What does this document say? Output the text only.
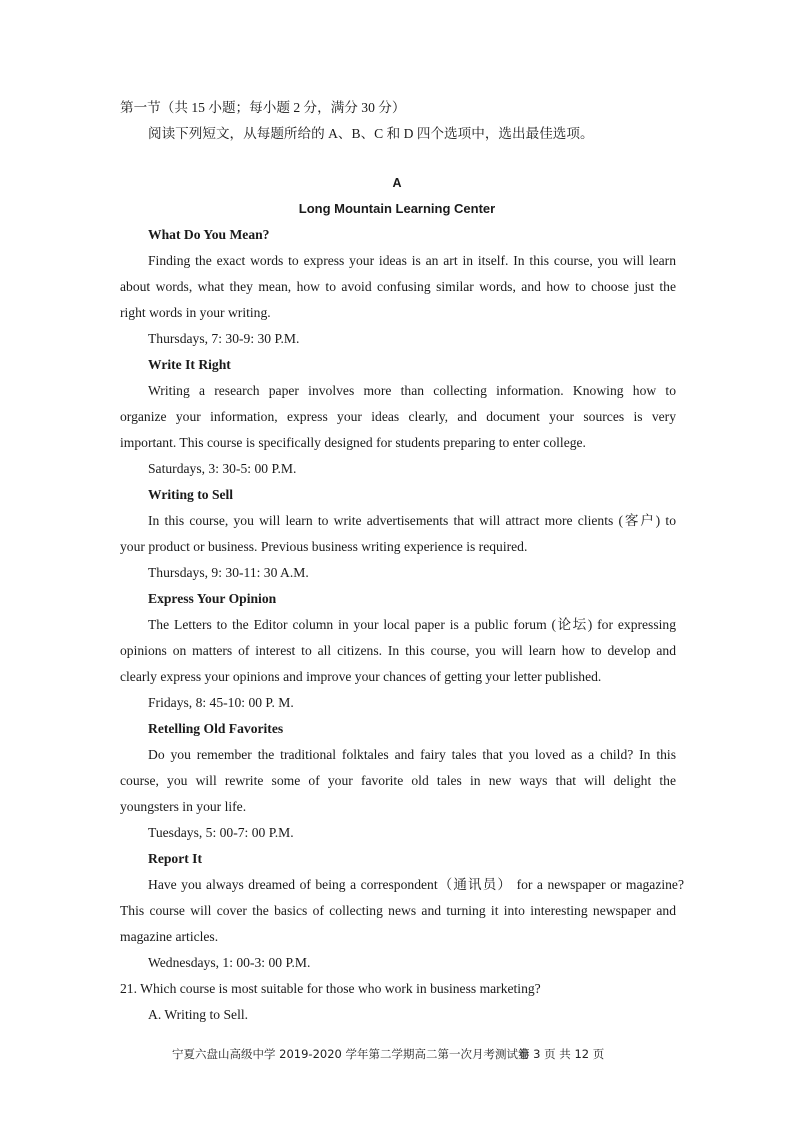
第一节（共 15 小题；每小题 2 分，满分 30 分）
阅读下列短文，从每题所给的 A、B、C 和 D 四个选项中，选出最佳选项。
A
Long Mountain Learning Center
What Do You Mean?
Finding the exact words to express your ideas is an art in itself. In this course, you will learn
about words, what they mean, how to avoid confusing similar words, and how to choose just the
right words in your writing.
Thursdays, 7: 30-9: 30 P.M.
Write It Right
Writing a research paper involves more than collecting information. Knowing how to
organize your information, express your ideas clearly, and document your sources is very
important. This course is specifically designed for students preparing to enter college.
Saturdays, 3: 30-5: 00 P.M.
Writing to Sell
In this course, you will learn to write advertisements that will attract more clients (客户) to
your product or business. Previous business writing experience is required.
Thursdays, 9: 30-11: 30 A.M.
Express Your Opinion
The Letters to the Editor column in your local paper is a public forum (论坛) for expressing
opinions on matters of interest to all citizens. In this course, you will learn how to develop and
clearly express your opinions and improve your chances of getting your letter published.
Fridays, 8: 45-10: 00 P. M.
Retelling Old Favorites
Do you remember the traditional folktales and fairy tales that you loved as a child? In this
course, you will rewrite some of your favorite old tales in new ways that will delight the
youngsters in your life.
Tuesdays, 5: 00-7: 00 P.M.
Report It
Have you always dreamed of being a correspondent（通讯员） for a newspaper or magazine?
This course will cover the basics of collecting news and turning it into interesting newspaper and
magazine articles.
Wednesdays, 1: 00-3: 00 P.M.
21. Which course is most suitable for those who work in business marketing?
A. Writing to Sell.
宁夏六盘山高级中学 2019-2020 学年第二学期高二第一次月考测试卷
第 3 页 共 12 页
